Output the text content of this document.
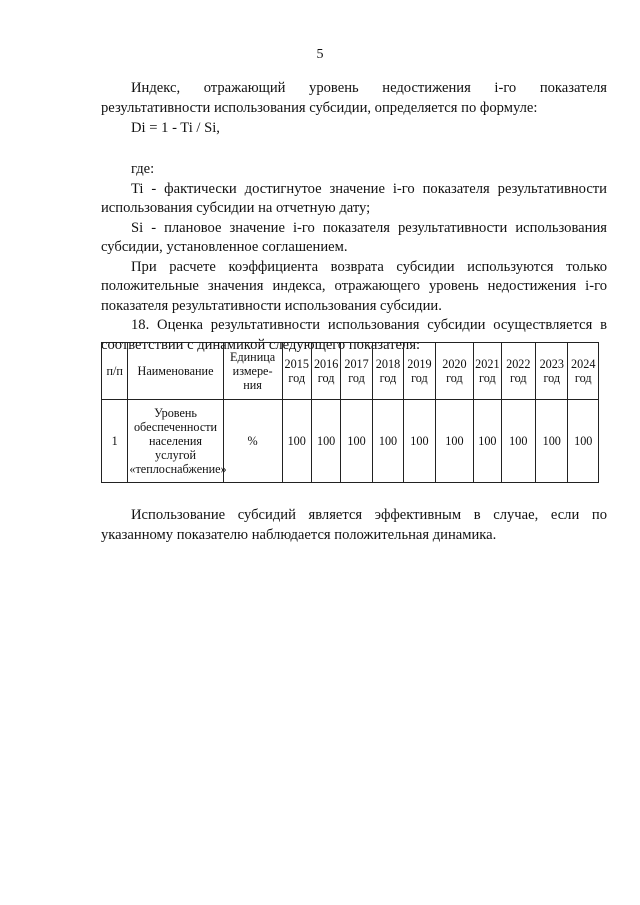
5

Индекс, отражающий уровень недостижения i-го показателя результативности использования субсидии, определяется по формуле:

Di = 1 - Ti / Si,

где:

Ti - фактически достигнутое значение i-го показателя результативности использования субсидии на отчетную дату;

Si - плановое значение i-го показателя результативности использования субсидии, установленное соглашением.

При расчете коэффициента возврата субсидии используются только положительные значения индекса, отражающего уровень недостижения i-го показателя результативности использования субсидии.

18. Оценка результативности использования субсидии осуществляется в соответствии с динамикой следующего показателя:

п/п	Наименование	Единица измере-ния	2015 год	2016 год	2017 год	2018 год	2019 год	2020 год	2021 год	2022 год	2023 год	2024 год
1	Уровень обеспеченности населения услугой «теплоснабжение»	%	100	100	100	100	100	100	100	100	100	100

Использование субсидий является эффективным в случае, если по указанному показателю наблюдается положительная динамика.
